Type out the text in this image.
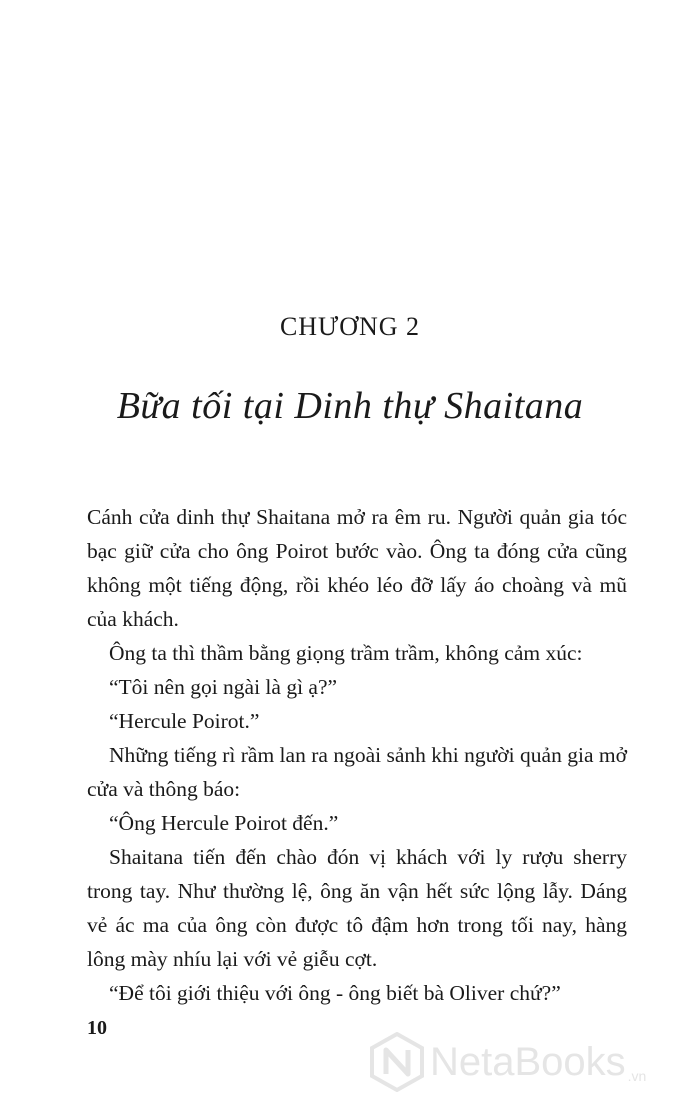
CHƯƠNG 2
Bữa tối tại Dinh thự Shaitana

Cánh cửa dinh thự Shaitana mở ra êm ru. Người quản gia tóc bạc giữ cửa cho ông Poirot bước vào. Ông ta đóng cửa cũng không một tiếng động, rồi khéo léo đỡ lấy áo choàng và mũ của khách.

Ông ta thì thầm bằng giọng trầm trầm, không cảm xúc:

“Tôi nên gọi ngài là gì ạ?”

“Hercule Poirot.”

Những tiếng rì rầm lan ra ngoài sảnh khi người quản gia mở cửa và thông báo:

“Ông Hercule Poirot đến.”

Shaitana tiến đến chào đón vị khách với ly rượu sherry trong tay. Như thường lệ, ông ăn vận hết sức lộng lẫy. Dáng vẻ ác ma của ông còn được tô đậm hơn trong tối nay, hàng lông mày nhíu lại với vẻ giễu cợt.

“Để tôi giới thiệu với ông - ông biết bà Oliver chứ?”

10
NetaBooks .vn
